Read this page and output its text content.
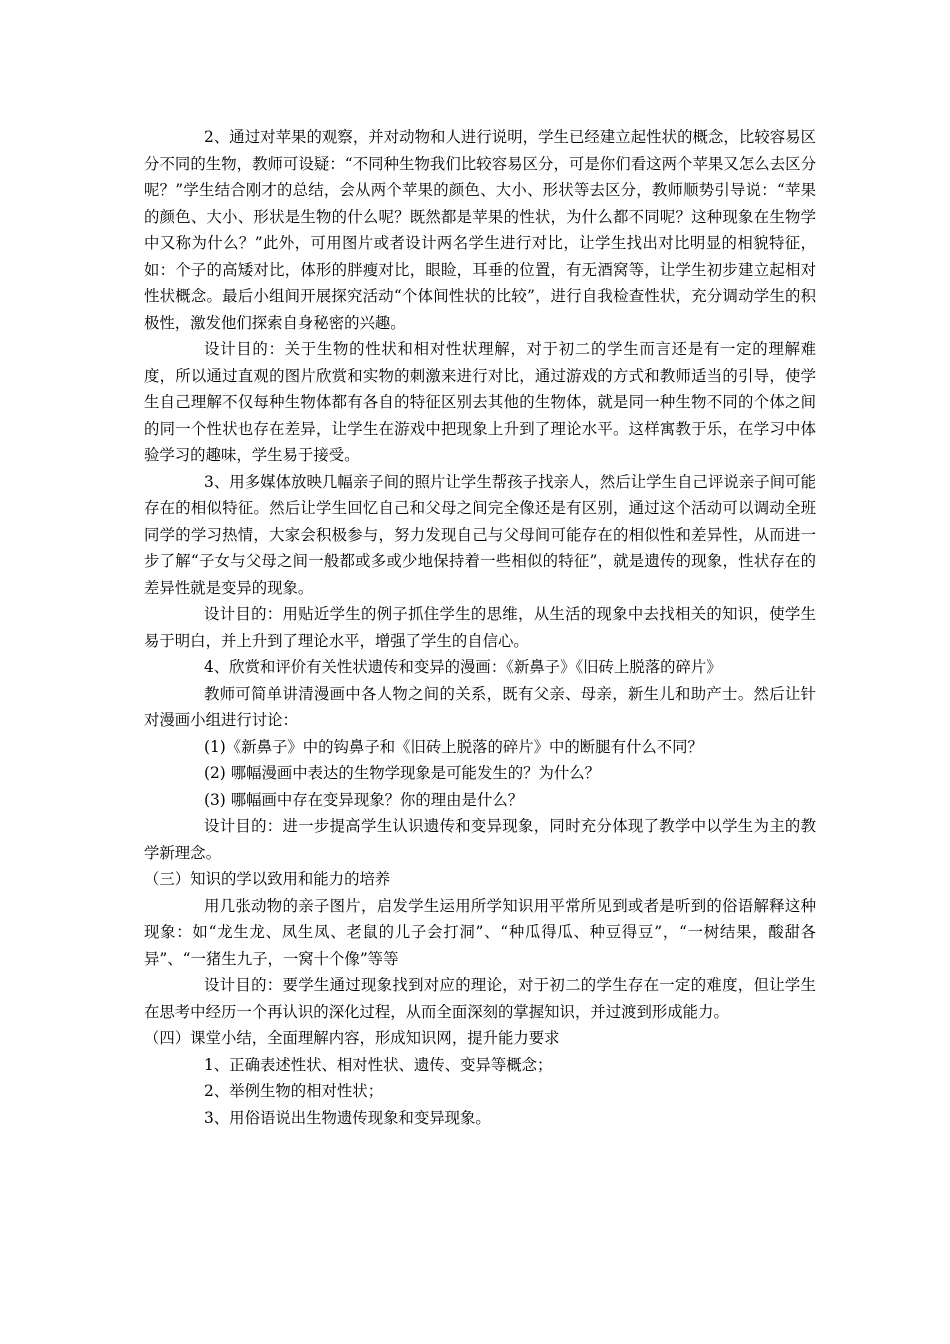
2、通过对苹果的观察，并对动物和人进行说明，学生已经建立起性状的概念，比较容易区分不同的生物，教师可设疑：“不同种生物我们比较容易区分，可是你们看这两个苹果又怎么去区分呢？”学生结合刚才的总结，会从两个苹果的颜色、大小、形状等去区分，教师顺势引导说：“苹果的颜色、大小、形状是生物的什么呢？既然都是苹果的性状，为什么都不同呢？这种现象在生物学中又称为什么？”此外，可用图片或者设计两名学生进行对比，让学生找出对比明显的相貌特征，如：个子的高矮对比，体形的胖瘦对比，眼睑，耳垂的位置，有无酒窝等，让学生初步建立起相对性状概念。最后小组间开展探究活动“个体间性状的比较”，进行自我检查性状，充分调动学生的积极性，激发他们探索自身秘密的兴趣。

设计目的：关于生物的性状和相对性状理解，对于初二的学生而言还是有一定的理解难度，所以通过直观的图片欣赏和实物的刺激来进行对比，通过游戏的方式和教师适当的引导，使学生自己理解不仅每种生物体都有各自的特征区别去其他的生物体，就是同一种生物不同的个体之间的同一个性状也存在差异，让学生在游戏中把现象上升到了理论水平。这样寓教于乐，在学习中体验学习的趣味，学生易于接受。

3、用多媒体放映几幅亲子间的照片让学生帮孩子找亲人，然后让学生自己评说亲子间可能存在的相似特征。然后让学生回忆自己和父母之间完全像还是有区别，通过这个活动可以调动全班同学的学习热情，大家会积极参与，努力发现自己与父母间可能存在的相似性和差异性，从而进一步了解“子女与父母之间一般都或多或少地保持着一些相似的特征”，就是遗传的现象，性状存在的差异性就是变异的现象。

设计目的：用贴近学生的例子抓住学生的思维，从生活的现象中去找相关的知识，使学生易于明白，并上升到了理论水平，增强了学生的自信心。

4、欣赏和评价有关性状遗传和变异的漫画：《新鼻子》《旧砖上脱落的碎片》

教师可简单讲清漫画中各人物之间的关系，既有父亲、母亲，新生儿和助产士。然后让针对漫画小组进行讨论：

(1)《新鼻子》中的钩鼻子和《旧砖上脱落的碎片》中的断腿有什么不同？

(2) 哪幅漫画中表达的生物学现象是可能发生的？为什么？

(3) 哪幅画中存在变异现象？你的理由是什么？

设计目的：进一步提高学生认识遗传和变异现象，同时充分体现了教学中以学生为主的教学新理念。

（三）知识的学以致用和能力的培养

用几张动物的亲子图片，启发学生运用所学知识用平常所见到或者是听到的俗语解释这种现象：如“龙生龙、凤生凤、老鼠的儿子会打洞”、“种瓜得瓜、种豆得豆”，“一树结果，酸甜各异”、“一猪生九子，一窝十个像”等等

设计目的：要学生通过现象找到对应的理论，对于初二的学生存在一定的难度，但让学生在思考中经历一个再认识的深化过程，从而全面深刻的掌握知识，并过渡到形成能力。

（四）课堂小结，全面理解内容，形成知识网，提升能力要求

1、正确表述性状、相对性状、遗传、变异等概念；

2、举例生物的相对性状；

3、用俗语说出生物遗传现象和变异现象。
